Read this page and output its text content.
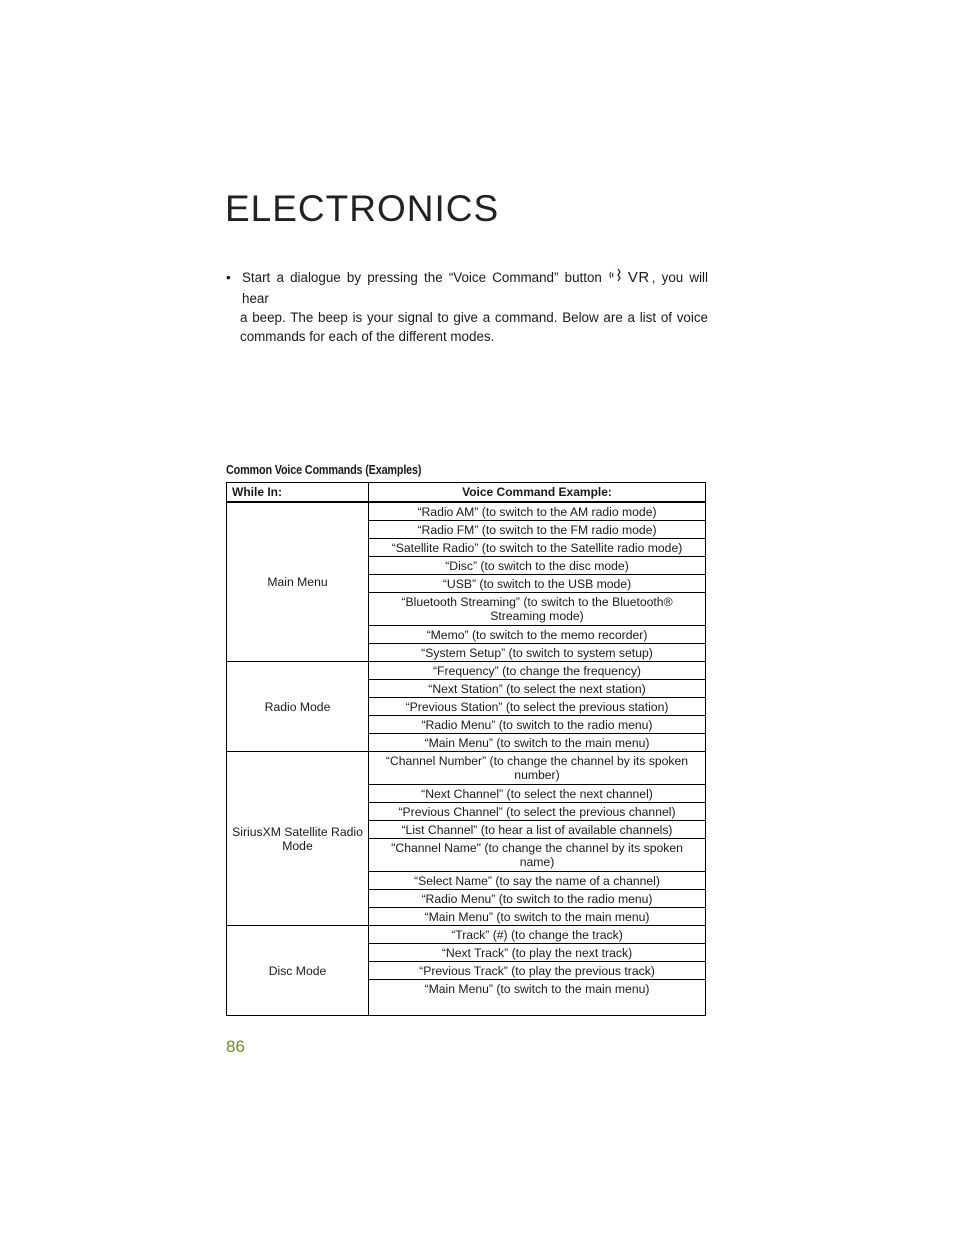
ELECTRONICS
• Start a dialogue by pressing the “Voice Command” button VR , you will hear
a beep. The beep is your signal to give a command. Below are a list of voice commands for each of the different modes.
Common Voice Commands (Examples)
While In:	Voice Command Example:
Main Menu	“Radio AM” (to switch to the AM radio mode)
	“Radio FM” (to switch to the FM radio mode)
	“Satellite Radio” (to switch to the Satellite radio mode)
	“Disc” (to switch to the disc mode)
	“USB” (to switch to the USB mode)
	“Bluetooth Streaming” (to switch to the Bluetooth® Streaming mode)
	“Memo” (to switch to the memo recorder)
	“System Setup” (to switch to system setup)
Radio Mode	“Frequency” (to change the frequency)
	“Next Station” (to select the next station)
	“Previous Station” (to select the previous station)
	“Radio Menu” (to switch to the radio menu)
	“Main Menu” (to switch to the main menu)
SiriusXM Satellite Radio Mode	“Channel Number” (to change the channel by its spoken number)
	“Next Channel” (to select the next channel)
	“Previous Channel” (to select the previous channel)
	“List Channel” (to hear a list of available channels)
	"Channel Name" (to change the channel by its spoken name)
	“Select Name” (to say the name of a channel)
	“Radio Menu” (to switch to the radio menu)
	“Main Menu” (to switch to the main menu)
Disc Mode	“Track” (#) (to change the track)
	“Next Track” (to play the next track)
	“Previous Track” (to play the previous track)
	“Main Menu” (to switch to the main menu)
86
